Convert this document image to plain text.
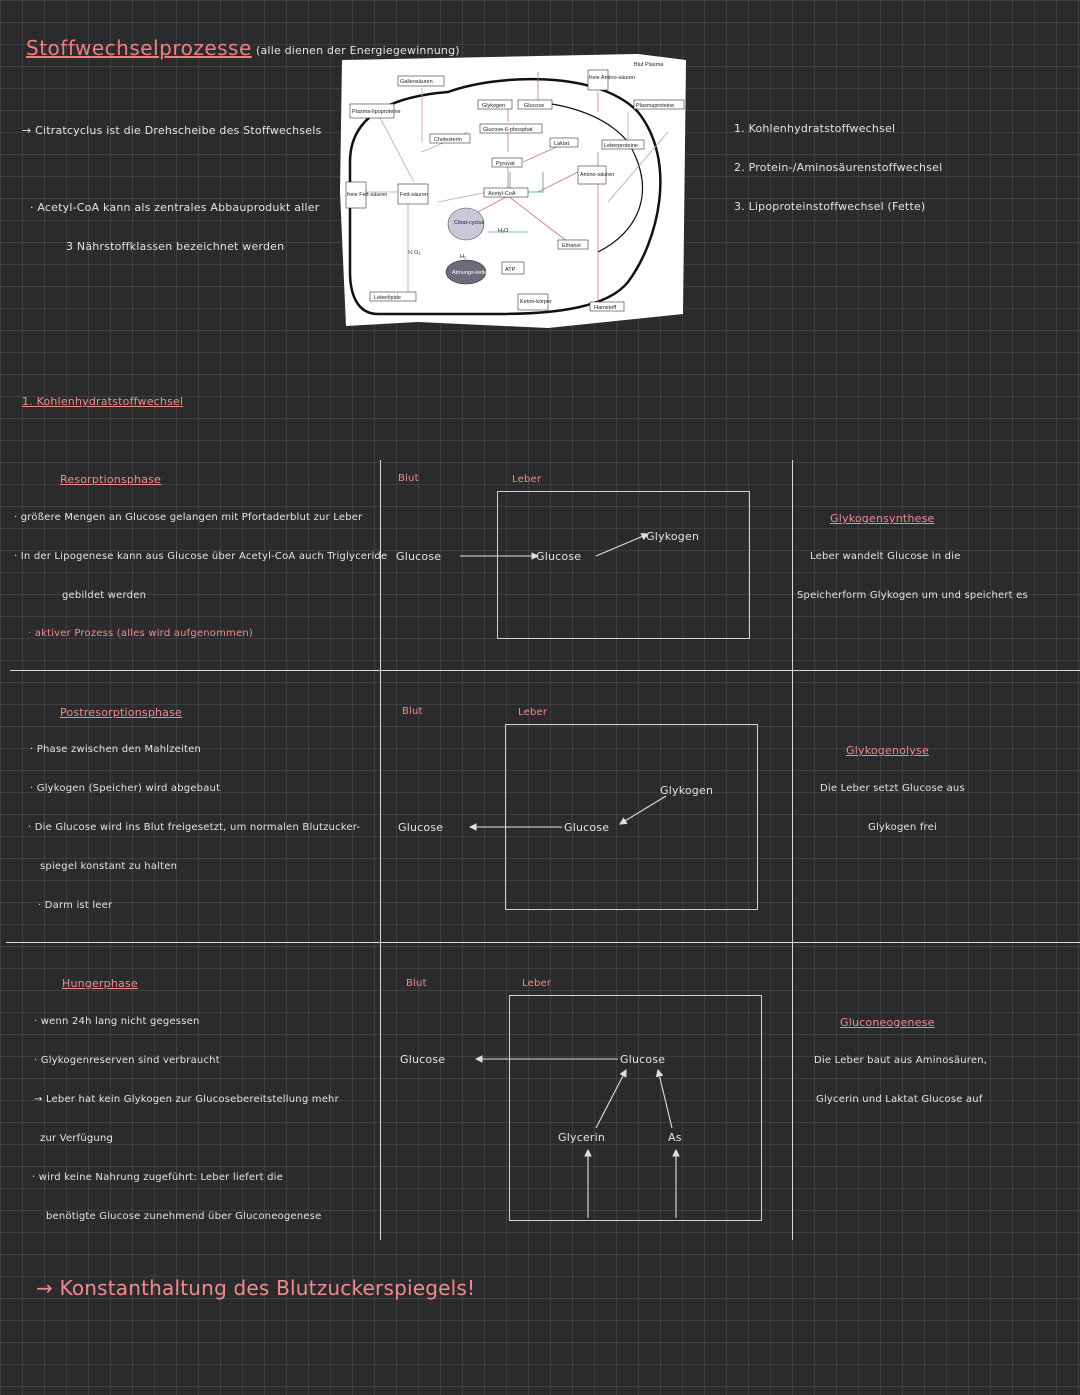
Stoffwechselprozesse (alle dienen der Energiegewinnung)
→ Citratcyclus ist die Drehscheibe des Stoffwechsels
· Acetyl-CoA kann als zentrales Abbauprodukt aller
3 Nährstoffklassen bezeichnet werden
1. Kohlenhydratstoffwechsel
2. Protein-/Aminosäurenstoffwechsel
3. Lipoproteinstoffwechsel (Fette)
Blut Plasma
Gallensäuren
Plasma-lipoproteine
freie Fett-säuren Fett-säuren
Cholesterin
Glykogen	Glucose
Glucose-6-phosphat
Pyruvat
Laktat
Acetyl-CoA
Citrat-cyclus
H₂O
½ O₂
H₂
Atmungs-kette	ATP
Ethanol
Keton-körper
Harnstoff
Leberlipide
freie Amino-säuren
Amino-säuren
Plasmaproteine
Leberproteine
1. Kohlenhydratstoffwechsel
Resorptionsphase
· größere Mengen an Glucose gelangen mit Pfortaderblut zur Leber
· In der Lipogenese kann aus Glucose über Acetyl-CoA auch Triglyceride
gebildet werden
· aktiver Prozess (alles wird aufgenommen)
Blut	Leber
Glucose	Glucose
Glykogen
Glykogensynthese
Leber wandelt Glucose in die
Speicherform Glykogen um und speichert es
Postresorptionsphase
· Phase zwischen den Mahlzeiten
· Glykogen (Speicher) wird abgebaut
· Die Glucose wird ins Blut freigesetzt, um normalen Blutzucker-
spiegel konstant zu halten
· Darm ist leer
Blut	Leber
Glucose	Glucose
Glykogen
Glykogenolyse
Die Leber setzt Glucose aus
Glykogen frei
Hungerphase
· wenn 24h lang nicht gegessen
· Glykogenreserven sind verbraucht
→ Leber hat kein Glykogen zur Glucosebereitstellung mehr
zur Verfügung
· wird keine Nahrung zugeführt: Leber liefert die
benötigte Glucose zunehmend über Gluconeogenese
Blut	Leber
Glucose	Glucose
Glycerin	As
Gluconeogenese
Die Leber baut aus Aminosäuren,
Glycerin und Laktat Glucose auf
→ Konstanthaltung des Blutzuckerspiegels!
